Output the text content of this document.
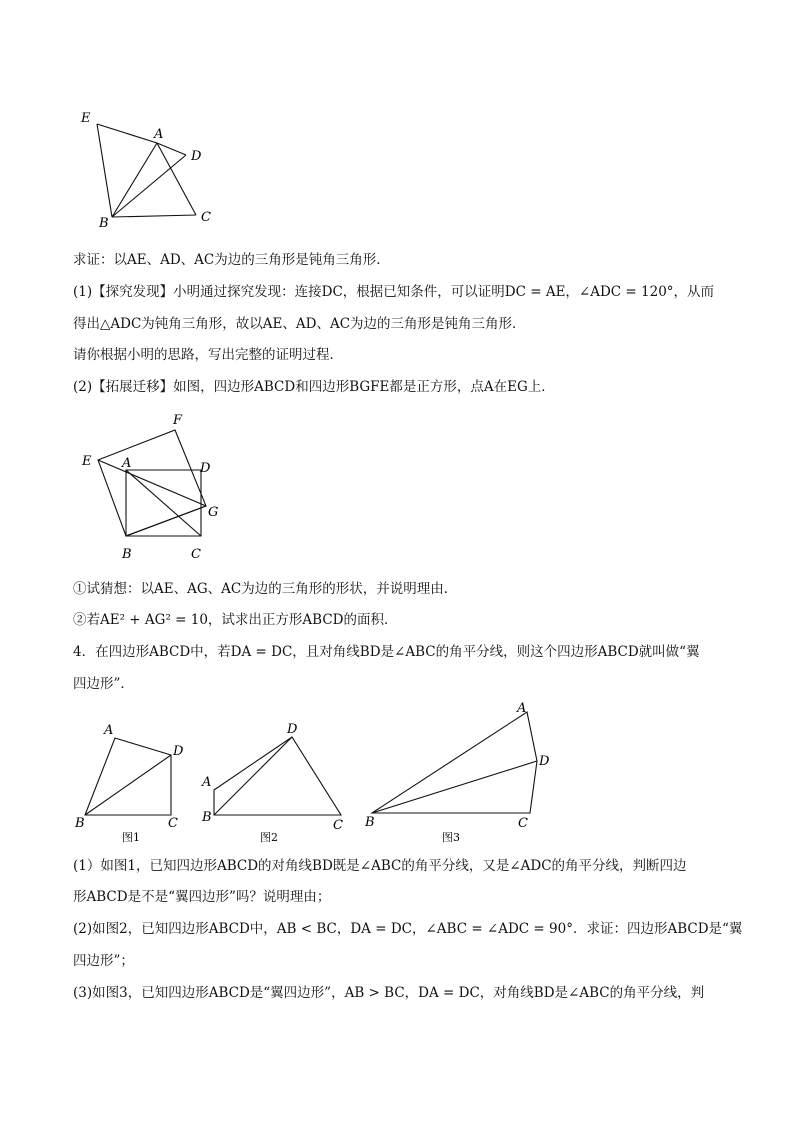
E
A
D
B	C
求证：以AE、AD、AC为边的三角形是钝角三角形．
(1)【探究发现】小明通过探究发现：连接DC，根据已知条件，可以证明DC = AE，∠ADC = 120°，从而
得出△ADC为钝角三角形，故以AE、AD、AC为边的三角形是钝角三角形．
请你根据小明的思路，写出完整的证明过程．
(2)【拓展迁移】如图，四边形ABCD和四边形BGFE都是正方形，点A在EG上．
F
E A	D
G
B	C
①试猜想：以AE、AG、AC为边的三角形的形状，并说明理由．
②若AE² + AG² = 10，试求出正方形ABCD的面积．
4．在四边形ABCD中，若DA = DC，且对角线BD是∠ABC的角平分线，则这个四边形ABCD就叫做“翼
四边形”．
A
D
B	C
图1
D
A
B
C
图2
A
D
B	C
图3
(1）如图1，已知四边形ABCD的对角线BD既是∠ABC的角平分线，又是∠ADC的角平分线，判断四边
形ABCD是不是“翼四边形”吗？说明理由；
(2)如图2，已知四边形ABCD中，AB < BC，DA = DC，∠ABC = ∠ADC = 90°．求证：四边形ABCD是“翼
四边形”；
(3)如图3，已知四边形ABCD是“翼四边形”，AB > BC，DA = DC，对角线BD是∠ABC的角平分线，判
